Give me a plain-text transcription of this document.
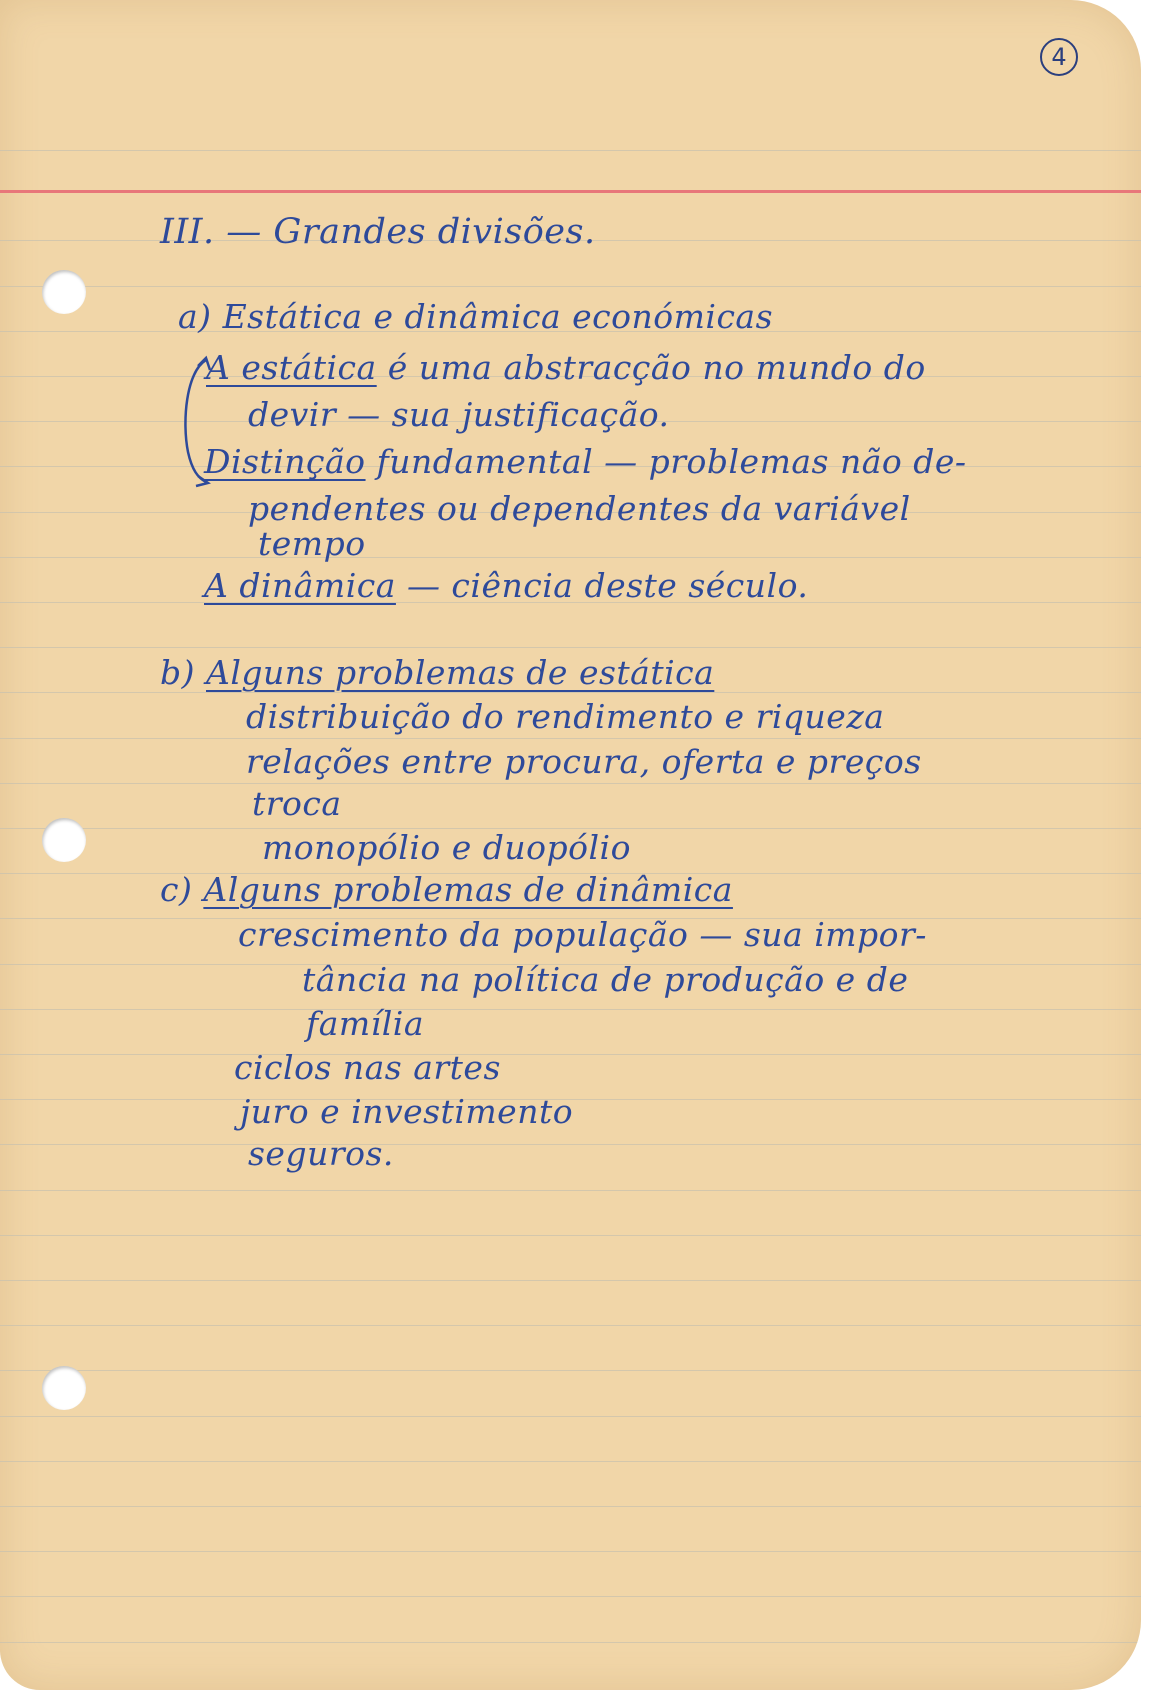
4
III. — Grandes divisões.
a) Estática e dinâmica económicas
A estática é uma abstracção no mundo do
devir — sua justificação.
Distinção fundamental — problemas não de-
pendentes ou dependentes da variável
tempo
A dinâmica — ciência deste século.
b) Alguns problemas de estática
distribuição do rendimento e riqueza
relações entre procura, oferta e preços
troca
monopólio e duopólio
c) Alguns problemas de dinâmica
crescimento da população — sua impor-
tância na política de produção e de
família
ciclos nas artes
juro e investimento
seguros.
